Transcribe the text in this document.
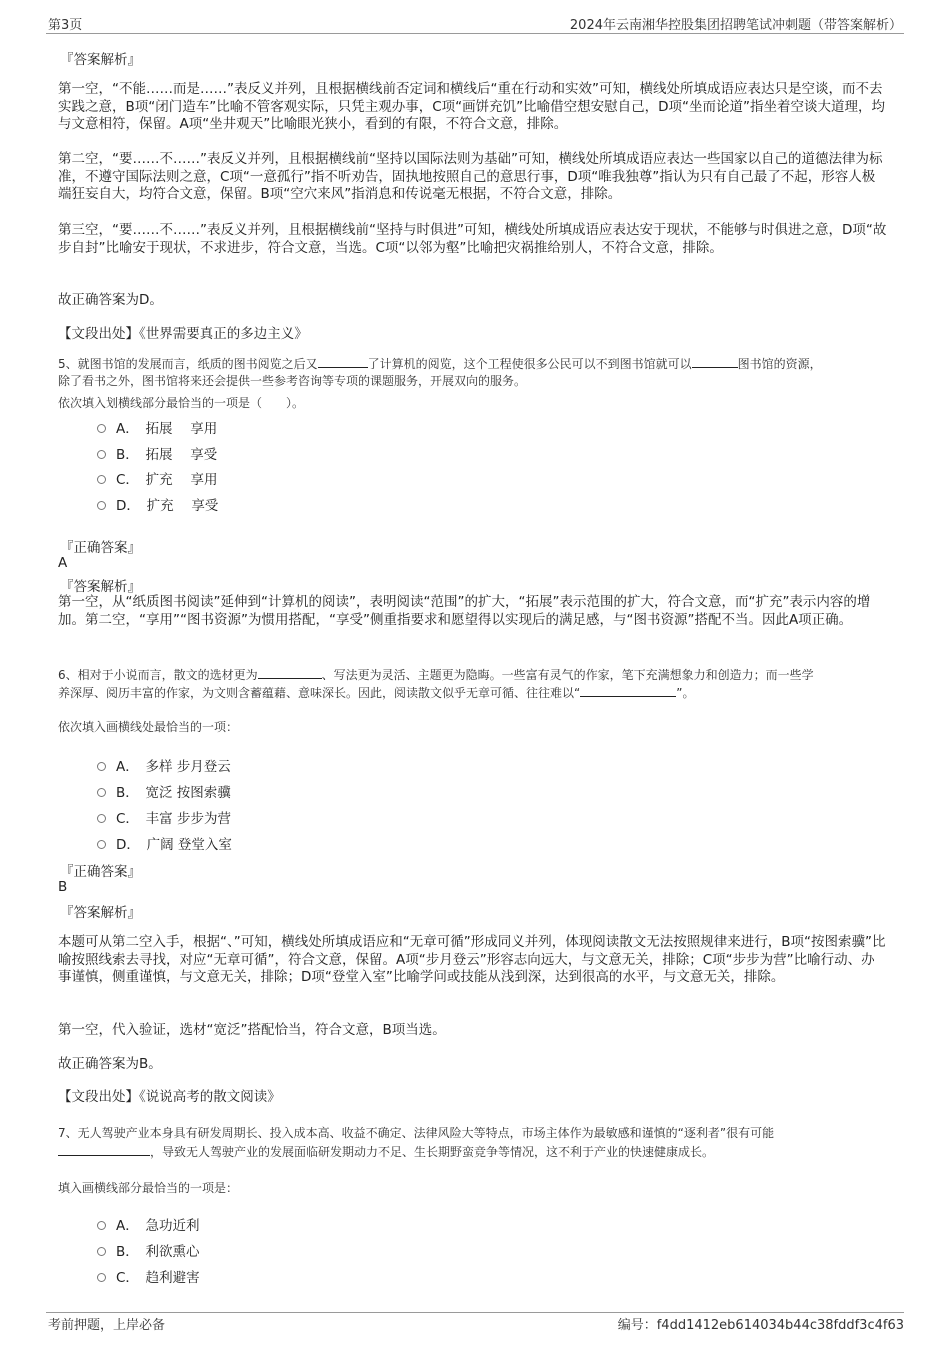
第3页	2024年云南湘华控股集团招聘笔试冲刺题（带答案解析）
『答案解析』
第一空，“不能……而是……”表反义并列，且根据横线前否定词和横线后“重在行动和实效”可知，横线处所填成语应表达只是空谈，而不去实践之意，B项“闭门造车”比喻不管客观实际，只凭主观办事，C项“画饼充饥”比喻借空想安慰自己，D项“坐而论道”指坐着空谈大道理，均与文意相符，保留。A项“坐井观天”比喻眼光狭小，看到的有限，不符合文意，排除。
第二空，“要……不……”表反义并列，且根据横线前“坚持以国际法则为基础”可知，横线处所填成语应表达一些国家以自己的道德法律为标准，不遵守国际法则之意，C项“一意孤行”指不听劝告，固执地按照自己的意思行事，D项“唯我独尊”指认为只有自己最了不起，形容人极端狂妄自大，均符合文意，保留。B项“空穴来风”指消息和传说毫无根据，不符合文意，排除。
第三空，“要……不……”表反义并列，且根据横线前“坚持与时俱进”可知，横线处所填成语应表达安于现状，不能够与时俱进之意，D项“故步自封”比喻安于现状，不求进步，符合文意，当选。C项“以邻为壑”比喻把灾祸推给别人，不符合文意，排除。
故正确答案为D。
【文段出处】《世界需要真正的多边主义》
5、就图书馆的发展而言，纸质的图书阅览之后又	了计算机的阅览，这个工程使很多公民可以不到图书馆就可以	图书馆的资源，
除了看书之外，图书馆将来还会提供一些参考咨询等专项的课题服务，开展双向的服务。
依次填入划横线部分最恰当的一项是（　　）。
A．　拓展　 享用
B．　拓展　 享受
C．　扩充　 享用
D．　扩充　 享受
『正确答案』
A
『答案解析』
第一空，从“纸质图书阅读”延伸到“计算机的阅读”，表明阅读“范围”的扩大，“拓展”表示范围的扩大，符合文意，而“扩充”表示内容的增加。第二空，“享用”“图书资源”为惯用搭配，“享受”侧重指要求和愿望得以实现后的满足感，与“图书资源”搭配不当。因此A项正确。
6、相对于小说而言，散文的选材更为	、写法更为灵活、主题更为隐晦。一些富有灵气的作家，笔下充满想象力和创造力；而一些学
养深厚、阅历丰富的作家，为文则含蓄蕴藉、意味深长。因此，阅读散文似乎无章可循、往往难以“	”。
依次填入画横线处最恰当的一项：
A．　多样 步月登云
B．　宽泛 按图索骥
C．　丰富 步步为营
D．　广阔 登堂入室
『正确答案』
B
『答案解析』
本题可从第二空入手，根据“、”可知，横线处所填成语应和“无章可循”形成同义并列，体现阅读散文无法按照规律来进行，B项“按图索骥”比喻按照线索去寻找，对应“无章可循”，符合文意，保留。A项“步月登云”形容志向远大，与文意无关，排除；C项“步步为营”比喻行动、办事谨慎，侧重谨慎，与文意无关，排除；D项“登堂入室”比喻学问或技能从浅到深，达到很高的水平，与文意无关，排除。
第一空，代入验证，选材“宽泛”搭配恰当，符合文意，B项当选。
故正确答案为B。
【文段出处】《说说高考的散文阅读》
7、无人驾驶产业本身具有研发周期长、投入成本高、收益不确定、法律风险大等特点，市场主体作为最敏感和谨慎的“逐利者”很有可能
，导致无人驾驶产业的发展面临研发期动力不足、生长期野蛮竞争等情况，这不利于产业的快速健康成长。
填入画横线部分最恰当的一项是：
A．　急功近利
B．　利欲熏心
C．　趋利避害
考前押题，上岸必备	编号：f4dd1412eb614034b44c38fddf3c4f63
